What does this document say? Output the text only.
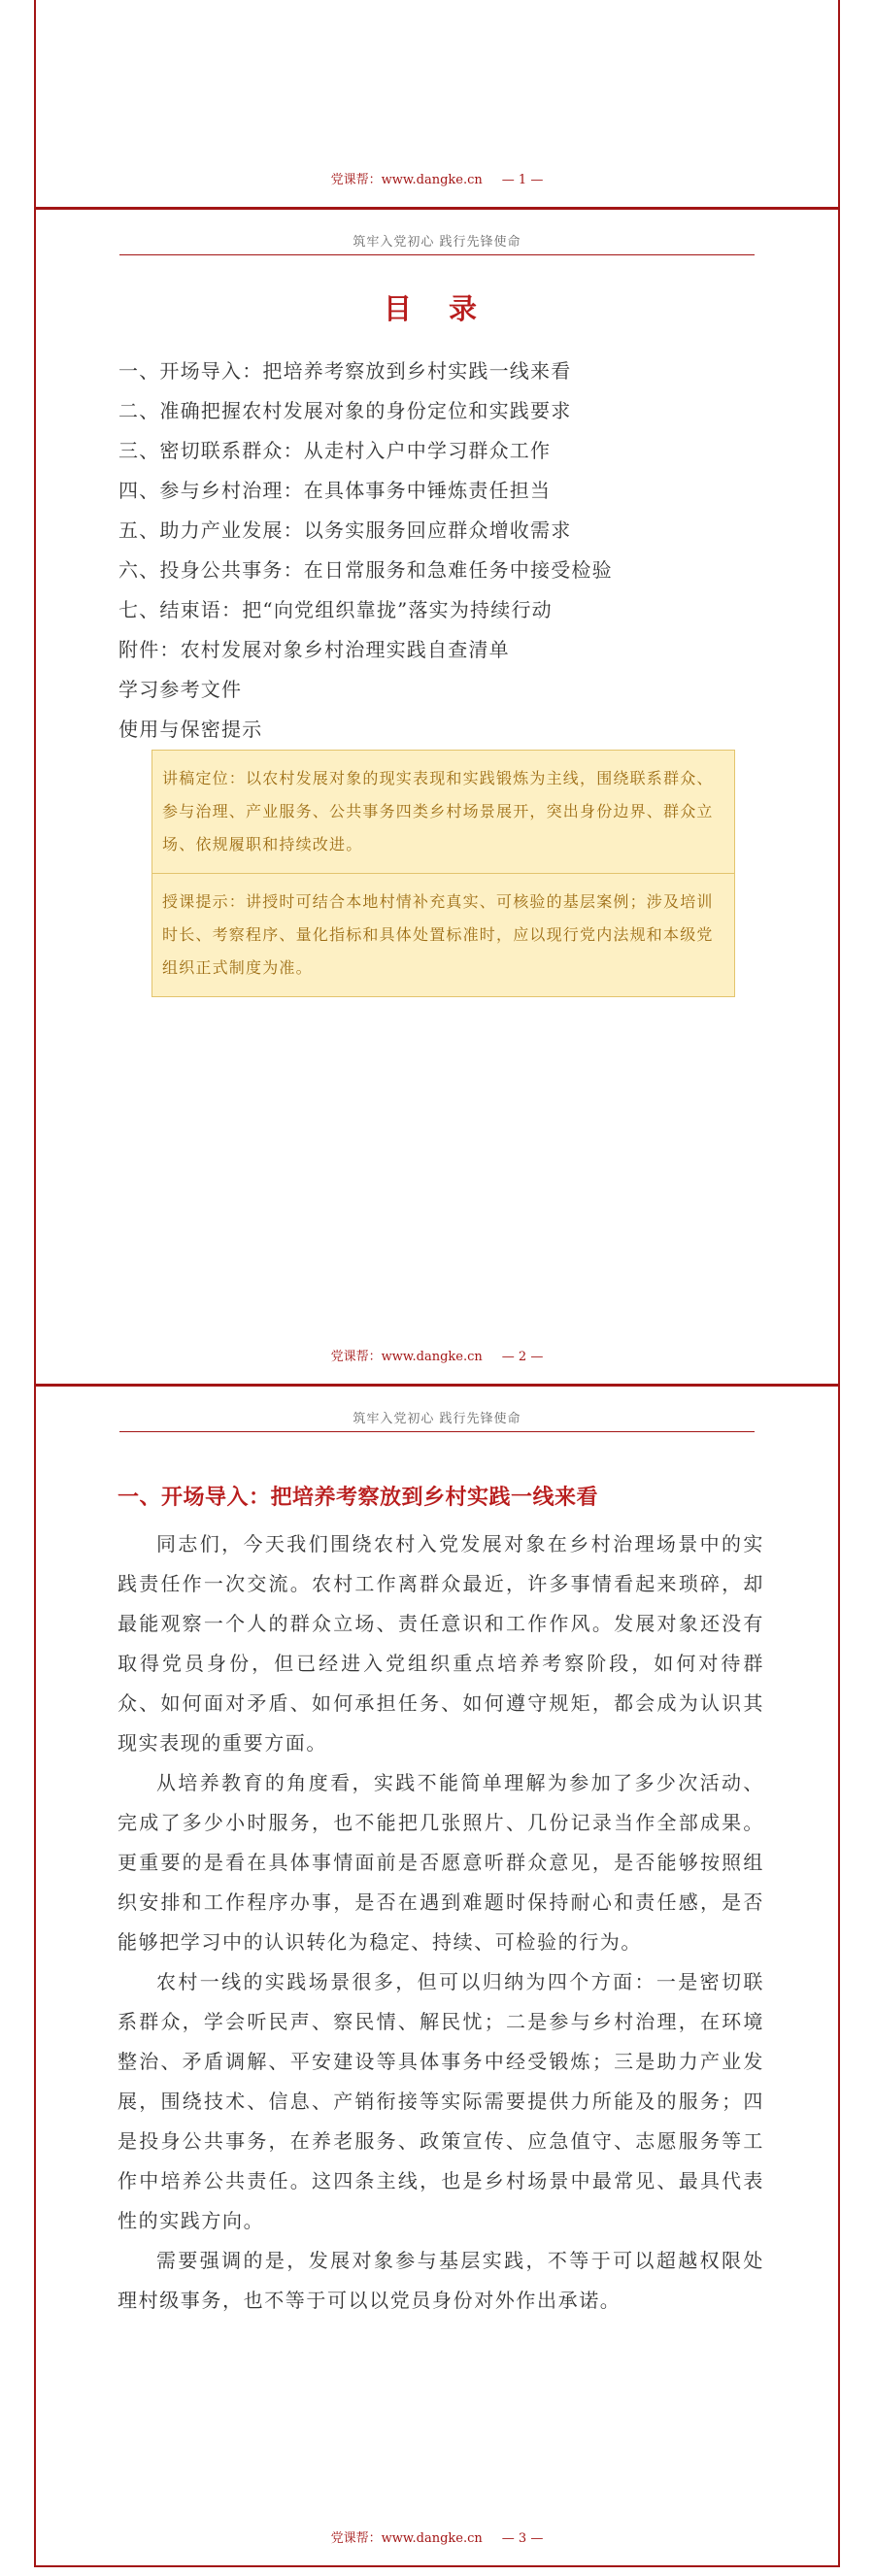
党课帮：www.dangke.cn — 1 —
筑牢入党初心 践行先锋使命
目 录
一、开场导入：把培养考察放到乡村实践一线来看
二、准确把握农村发展对象的身份定位和实践要求
三、密切联系群众：从走村入户中学习群众工作
四、参与乡村治理：在具体事务中锤炼责任担当
五、助力产业发展：以务实服务回应群众增收需求
六、投身公共事务：在日常服务和急难任务中接受检验
七、结束语：把“向党组织靠拢”落实为持续行动
附件：农村发展对象乡村治理实践自查清单
学习参考文件
使用与保密提示
讲稿定位：以农村发展对象的现实表现和实践锻炼为主线，围绕联系群众、参与治理、产业服务、公共事务四类乡村场景展开，突出身份边界、群众立场、依规履职和持续改进。
授课提示：讲授时可结合本地村情补充真实、可核验的基层案例；涉及培训时长、考察程序、量化指标和具体处置标准时，应以现行党内法规和本级党组织正式制度为准。
党课帮：www.dangke.cn — 2 —
筑牢入党初心 践行先锋使命
一、开场导入：把培养考察放到乡村实践一线来看

同志们，今天我们围绕农村入党发展对象在乡村治理场景中的实践责任作一次交流。农村工作离群众最近，许多事情看起来琐碎，却最能观察一个人的群众立场、责任意识和工作作风。发展对象还没有取得党员身份，但已经进入党组织重点培养考察阶段，如何对待群众、如何面对矛盾、如何承担任务、如何遵守规矩，都会成为认识其现实表现的重要方面。

从培养教育的角度看，实践不能简单理解为参加了多少次活动、完成了多少小时服务，也不能把几张照片、几份记录当作全部成果。更重要的是看在具体事情面前是否愿意听群众意见，是否能够按照组织安排和工作程序办事，是否在遇到难题时保持耐心和责任感，是否能够把学习中的认识转化为稳定、持续、可检验的行为。

农村一线的实践场景很多，但可以归纳为四个方面：一是密切联系群众，学会听民声、察民情、解民忧；二是参与乡村治理，在环境整治、矛盾调解、平安建设等具体事务中经受锻炼；三是助力产业发展，围绕技术、信息、产销衔接等实际需要提供力所能及的服务；四是投身公共事务，在养老服务、政策宣传、应急值守、志愿服务等工作中培养公共责任。这四条主线，也是乡村场景中最常见、最具代表性的实践方向。

需要强调的是，发展对象参与基层实践，不等于可以超越权限处理村级事务，也不等于可以以党员身份对外作出承诺。

党课帮：www.dangke.cn — 3 —
